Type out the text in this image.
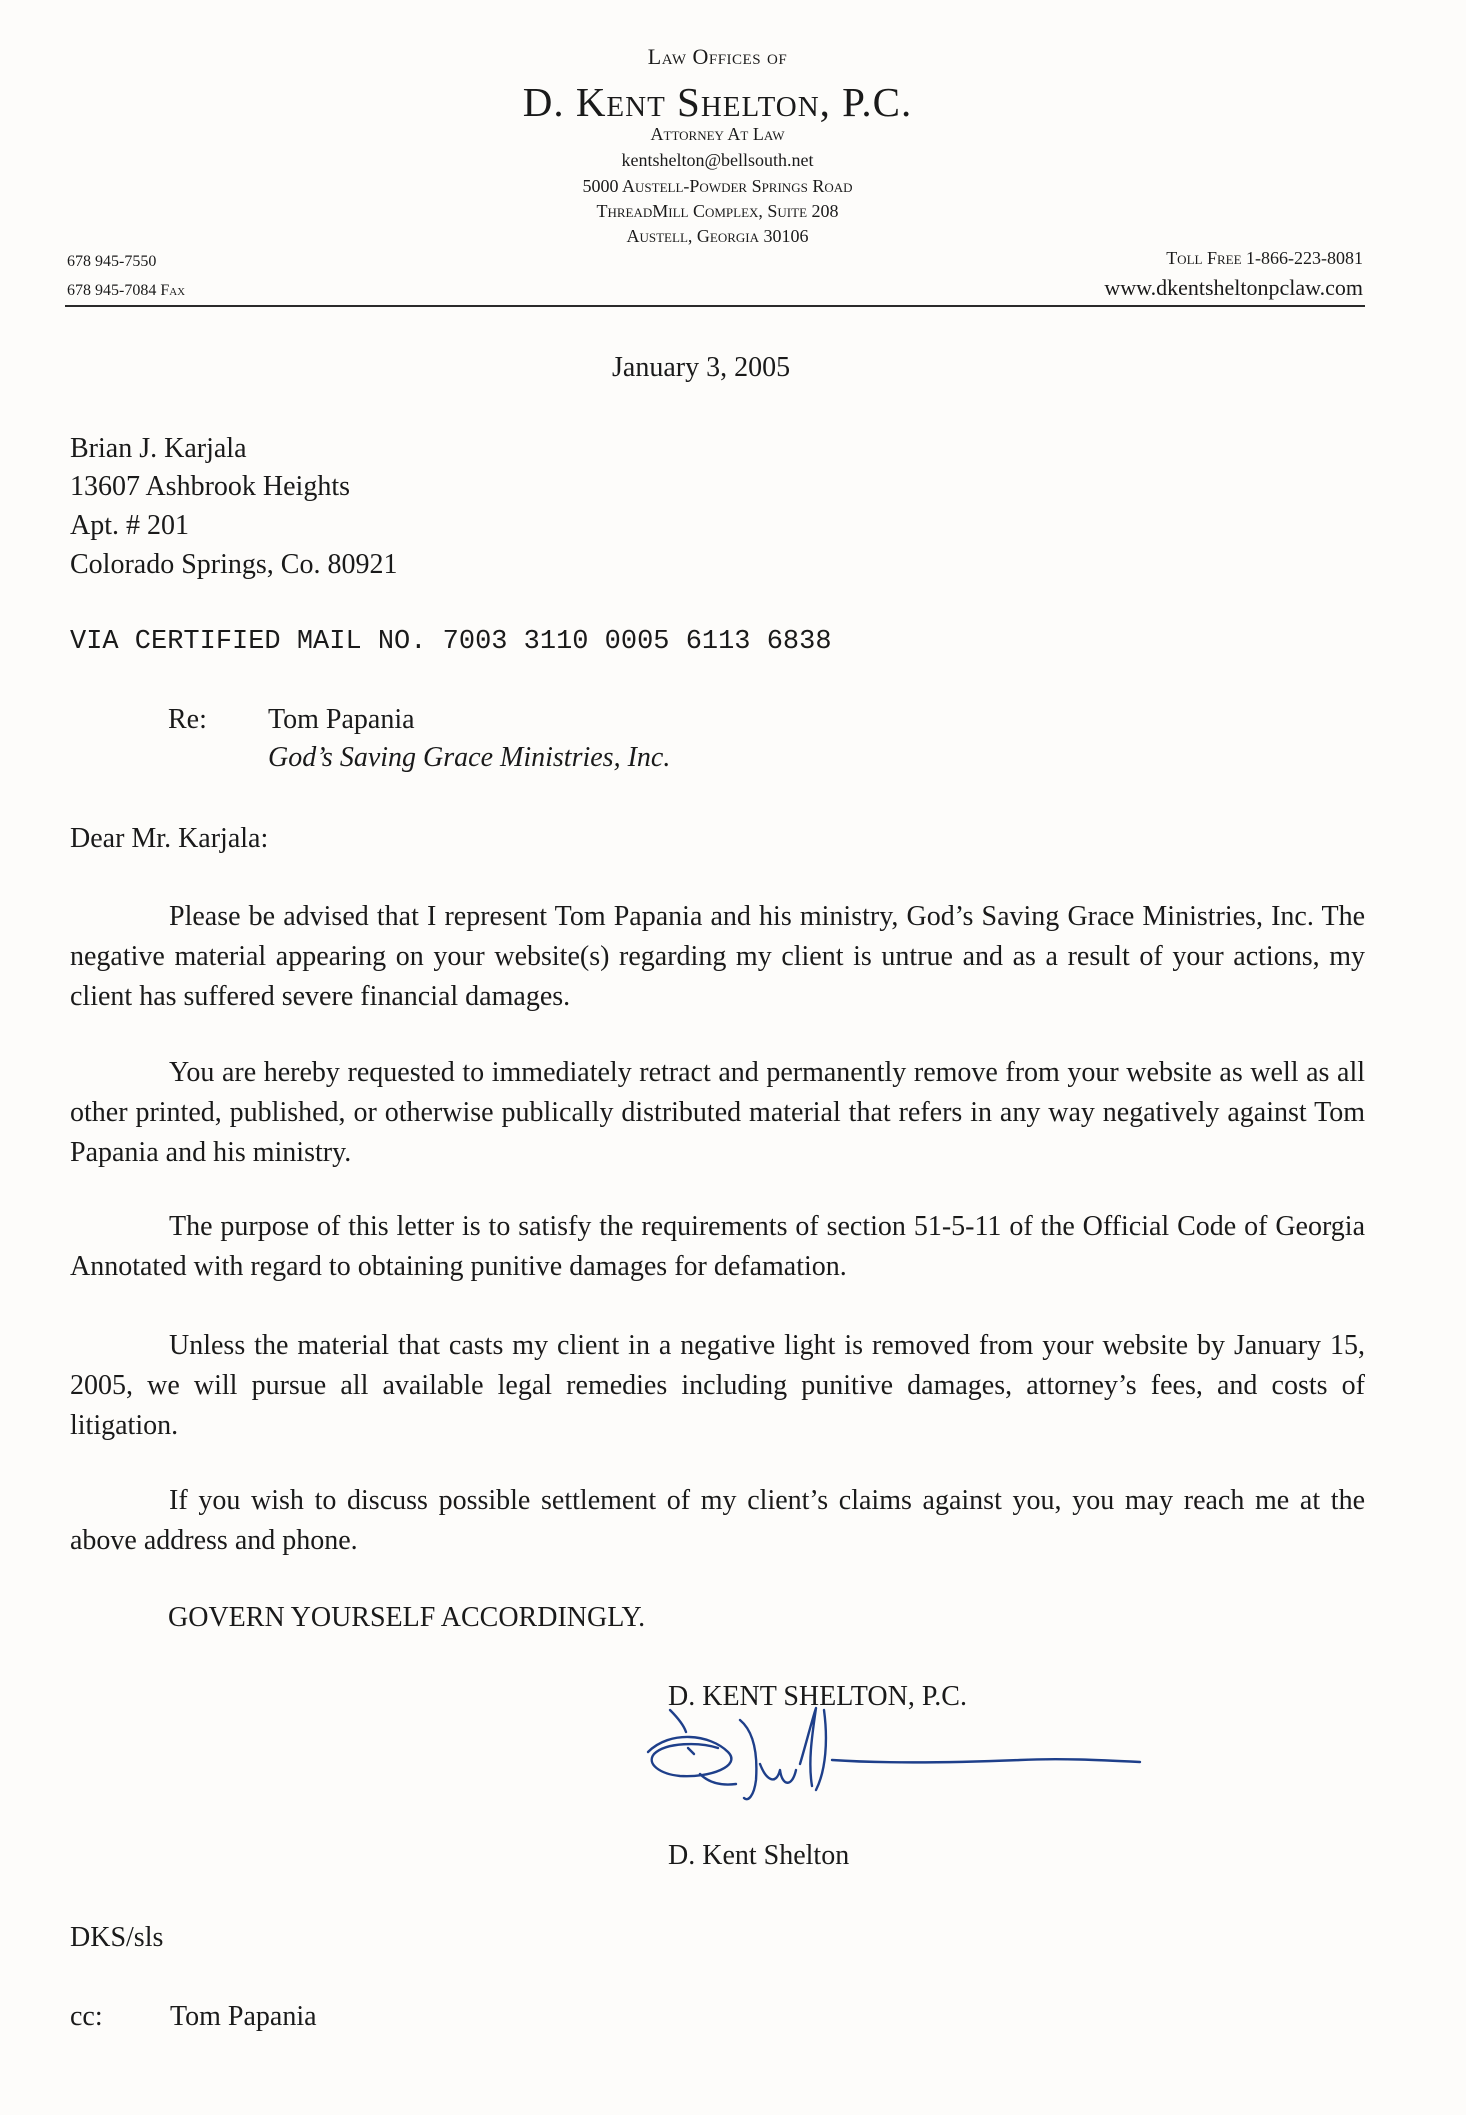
Law Offices of
D. Kent Shelton, P.C.
Attorney At Law
kentshelton@bellsouth.net
5000 Austell-Powder Springs Road
ThreadMill Complex, Suite 208
Austell, Georgia 30106
678 945-7550
678 945-7084 Fax
Toll Free 1-866-223-8081
www.dkentsheltonpclaw.com
January 3, 2005
Brian J. Karjala
13607 Ashbrook Heights
Apt. # 201
Colorado Springs, Co. 80921
VIA CERTIFIED MAIL NO. 7003 3110 0005 6113 6838
Re: Tom Papania
God’s Saving Grace Ministries, Inc.
Dear Mr. Karjala:
Please be advised that I represent Tom Papania and his ministry, God’s Saving Grace Ministries, Inc. The negative material appearing on your website(s) regarding my client is untrue and as a result of your actions, my client has suffered severe financial damages.
You are hereby requested to immediately retract and permanently remove from your website as well as all other printed, published, or otherwise publically distributed material that refers in any way negatively against Tom Papania and his ministry.
The purpose of this letter is to satisfy the requirements of section 51-5-11 of the Official Code of Georgia Annotated with regard to obtaining punitive damages for defamation.
Unless the material that casts my client in a negative light is removed from your website by January 15, 2005, we will pursue all available legal remedies including punitive damages, attorney’s fees, and costs of litigation.
If you wish to discuss possible settlement of my client’s claims against you, you may reach me at the above address and phone.
GOVERN YOURSELF ACCORDINGLY.
D. KENT SHELTON, P.C.
D. Kent Shelton
DKS/sls
cc: Tom Papania
